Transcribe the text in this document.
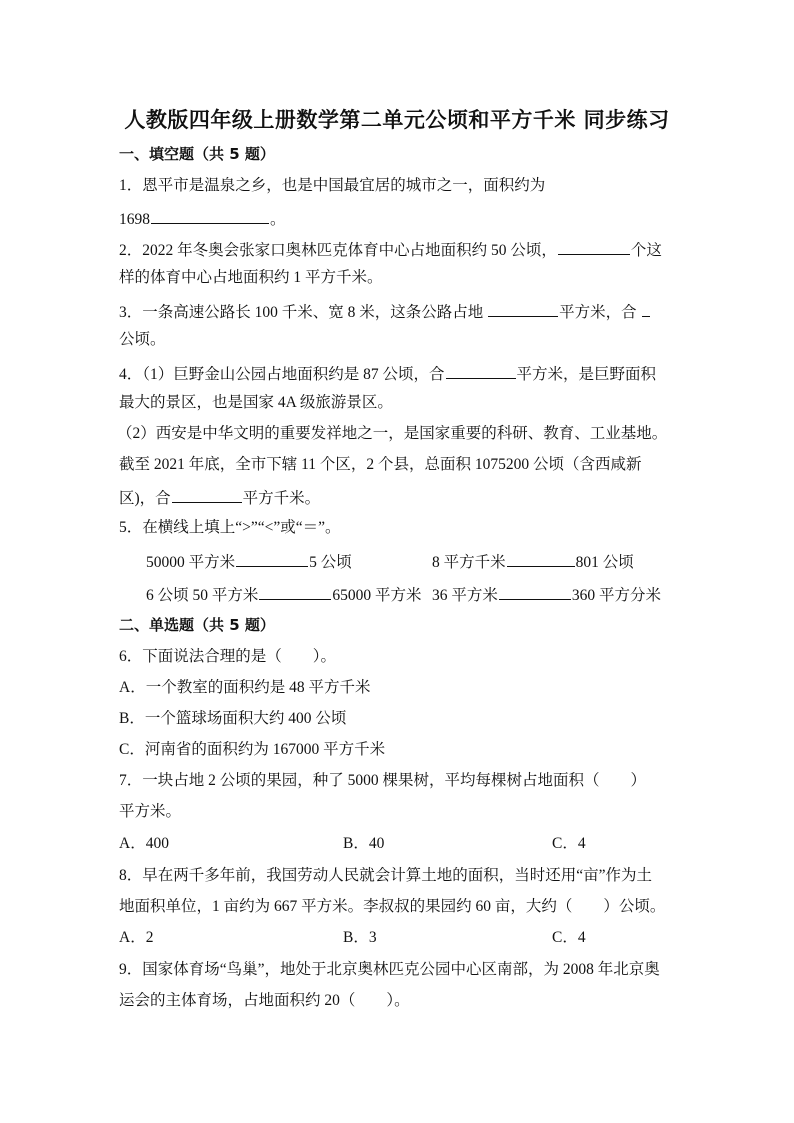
人教版四年级上册数学第二单元公顷和平方千米 同步练习
一、填空题（共 5 题）
1．恩平市是温泉之乡，也是中国最宜居的城市之一，面积约为
1698	。
2．2022 年冬奥会张家口奥林匹克体育中心占地面积约 50 公顷，	个这
样的体育中心占地面积约 1 平方千米。
3．一条高速公路长 100 千米、宽 8 米，这条公路占地	平方米，合
公顷。
4．（1）巨野金山公园占地面积约是 87 公顷，合	平方米，是巨野面积
最大的景区，也是国家 4A 级旅游景区。
（2）西安是中华文明的重要发祥地之一，是国家重要的科研、教育、工业基地。
截至 2021 年底，全市下辖 11 个区，2 个县，总面积 1075200 公顷（含西咸新
区)，合	平方千米。
5．在横线上填上“>”“<”或“＝”。
50000 平方米	5 公顷	8 平方千米	801 公顷
6 公顷 50 平方米	65000 平方米 36 平方米	360 平方分米
二、单选题（共 5 题）
6．下面说法合理的是（　　）。
A．一个教室的面积约是 48 平方千米
B．一个篮球场面积大约 400 公顷
C．河南省的面积约为 167000 平方千米
7．一块占地 2 公顷的果园，种了 5000 棵果树，平均每棵树占地面积（　　）
平方米。
A．400	B．40	C．4
8．早在两千多年前，我国劳动人民就会计算土地的面积，当时还用“亩”作为土
地面积单位，1 亩约为 667 平方米。李叔叔的果园约 60 亩，大约（　　）公顷。
A．2	B．3	C．4
9．国家体育场“鸟巢”，地处于北京奥林匹克公园中心区南部，为 2008 年北京奥
运会的主体育场，占地面积约 20（　　）。
